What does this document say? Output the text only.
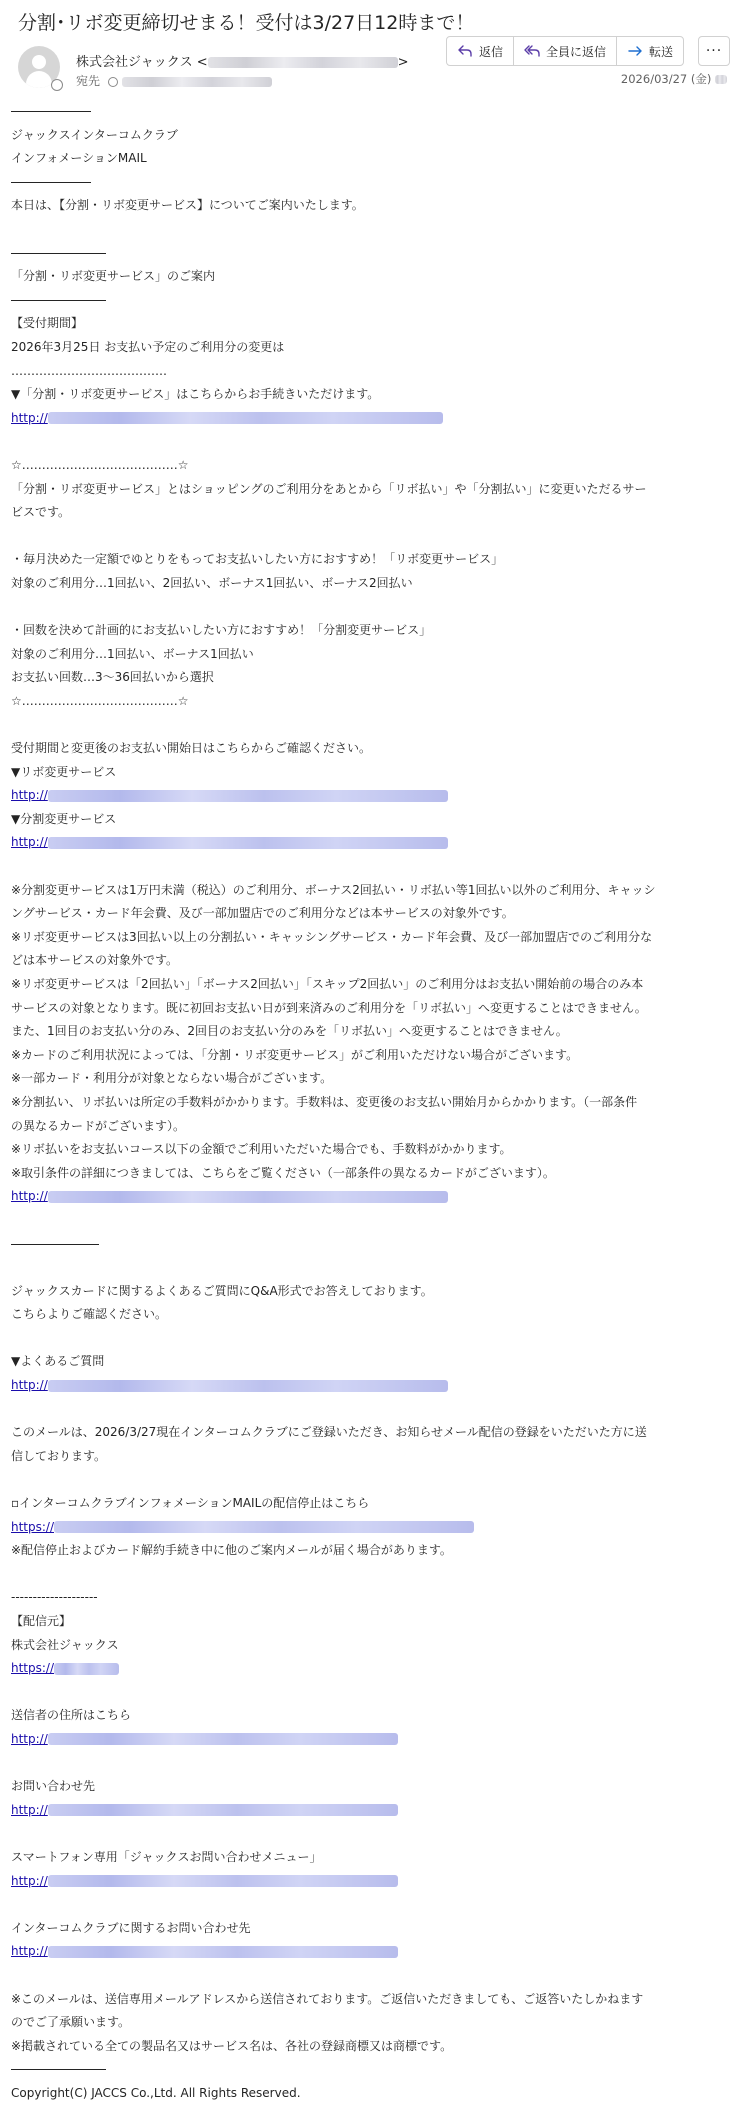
分割･リボ変更締切せまる！受付は3/27日12時まで！
株式会社ジャックス <	>
宛先
返信	全員に返信	転送 ···
2026/03/27 (金)
ジャックスインターコムクラブ
インフォメーションMAIL
本日は、【分割・リボ変更サービス】についてご案内いたします。
「分割・リボ変更サービス」のご案内
【受付期間】
2026年3月25日 お支払い予定のご利用分の変更は
…………………………………
▼「分割・リボ変更サービス」はこちらからお手続きいただけます。
http://
☆…………………………………☆
「分割・リボ変更サービス」とはショッピングのご利用分をあとから「リボ払い」や「分割払い」に変更いただるサー
ビスです。
・毎月決めた一定額でゆとりをもってお支払いしたい方におすすめ！「リボ変更サービス」
対象のご利用分…1回払い、2回払い、ボーナス1回払い、ボーナス2回払い
・回数を決めて計画的にお支払いしたい方におすすめ！「分割変更サービス」
対象のご利用分…1回払い、ボーナス1回払い
お支払い回数…3～36回払いから選択
☆…………………………………☆
受付期間と変更後のお支払い開始日はこちらからご確認ください。
▼リボ変更サービス
http://
▼分割変更サービス
http://
※分割変更サービスは1万円未満（税込）のご利用分、ボーナス2回払い・リボ払い等1回払い以外のご利用分、キャッシ
ングサービス・カード年会費、及び一部加盟店でのご利用分などは本サービスの対象外です。
※リボ変更サービスは3回払い以上の分割払い・キャッシングサービス・カード年会費、及び一部加盟店でのご利用分な
どは本サービスの対象外です。
※リボ変更サービスは「2回払い」「ボーナス2回払い」「スキップ2回払い」のご利用分はお支払い開始前の場合のみ本
サービスの対象となります。既に初回お支払い日が到来済みのご利用分を「リボ払い」へ変更することはできません。
また、1回目のお支払い分のみ、2回目のお支払い分のみを「リボ払い」へ変更することはできません。
※カードのご利用状況によっては、「分割・リボ変更サービス」がご利用いただけない場合がございます。
※一部カード・利用分が対象とならない場合がございます。
※分割払い、リボ払いは所定の手数料がかかります。手数料は、変更後のお支払い開始月からかかります。（一部条件
の異なるカードがございます）。
※リボ払いをお支払いコース以下の金額でご利用いただいた場合でも、手数料がかかります。
※取引条件の詳細につきましては、こちらをご覧ください（一部条件の異なるカードがございます）。
http://
ジャックスカードに関するよくあるご質問にQ&A形式でお答えしております。
こちらよりご確認ください。
▼よくあるご質問
http://
このメールは、2026/3/27現在インターコムクラブにご登録いただき、お知らせメール配信の登録をいただいた方に送
信しております。
▫インターコムクラブインフォメーションMAILの配信停止はこちら
https://
※配信停止およびカード解約手続き中に他のご案内メールが届く場合があります。
--------------------
【配信元】
株式会社ジャックス
https://
送信者の住所はこちら
http://
お問い合わせ先
http://
スマートフォン専用「ジャックスお問い合わせメニュー」
http://
インターコムクラブに関するお問い合わせ先
http://
※このメールは、送信専用メールアドレスから送信されております。ご返信いただきましても、ご返答いたしかねます
のでご了承願います。
※掲載されている全ての製品名又はサービス名は、各社の登録商標又は商標です。
Copyright(C) JACCS Co.,Ltd. All Rights Reserved.
